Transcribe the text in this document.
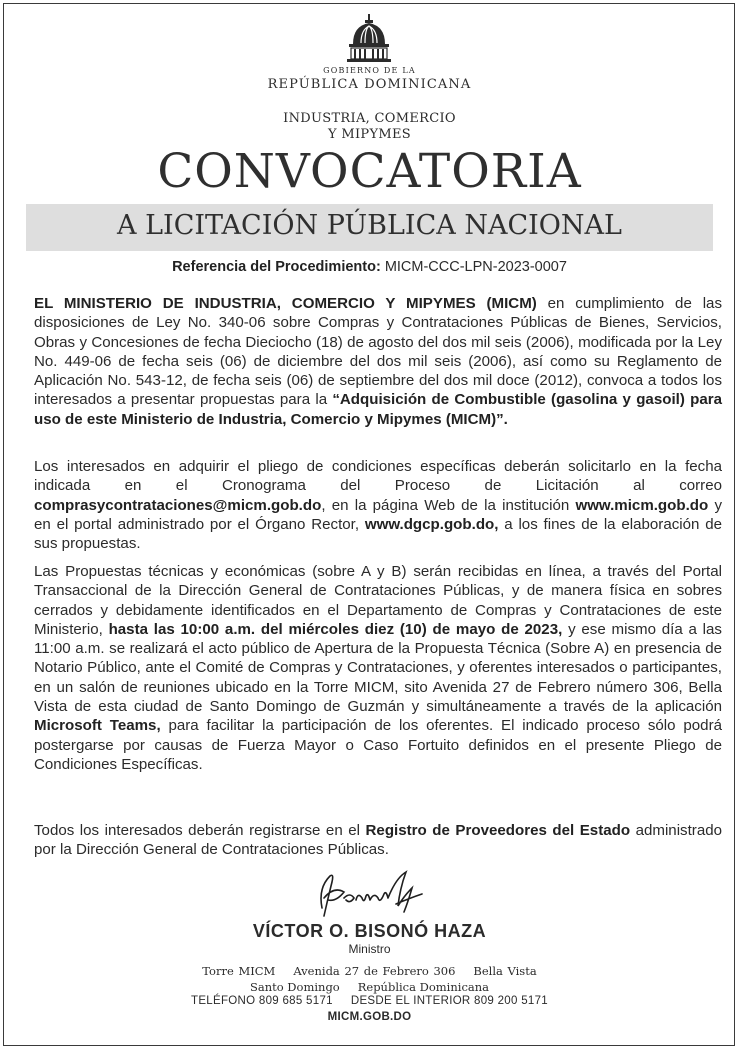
GOBIERNO DE LA
REPÚBLICA DOMINICANA
INDUSTRIA, COMERCIO
Y MIPYMES
CONVOCATORIA
A LICITACIÓN PÚBLICA NACIONAL
Referencia del Procedimiento: MICM-CCC-LPN-2023-0007
EL MINISTERIO DE INDUSTRIA, COMERCIO Y MIPYMES (MICM) en cumplimiento de las disposiciones de Ley No. 340-06 sobre Compras y Contrataciones Públicas de Bienes, Servicios, Obras y Concesiones de fecha Dieciocho (18) de agosto del dos mil seis (2006), modificada por la Ley No. 449-06 de fecha seis (06) de diciembre del dos mil seis (2006), así como su Reglamento de Aplicación No. 543-12, de fecha seis (06) de septiembre del dos mil doce (2012), convoca a todos los interesados a presentar propuestas para la “Adquisición de Combustible (gasolina y gasoil) para uso de este Ministerio de Industria, Comercio y Mipymes (MICM)”.
Los interesados en adquirir el pliego de condiciones específicas deberán solicitarlo en la fecha indicada en el Cronograma del Proceso de Licitación al correo comprasycontrataciones@micm.gob.do, en la página Web de la institución www.micm.gob.do y en el portal administrado por el Órgano Rector, www.dgcp.gob.do, a los fines de la elaboración de sus propuestas.
Las Propuestas técnicas y económicas (sobre A y B) serán recibidas en línea, a través del Portal Transaccional de la Dirección General de Contrataciones Públicas, y de manera física en sobres cerrados y debidamente identificados en el Departamento de Compras y Contrataciones de este Ministerio, hasta las 10:00 a.m. del miércoles diez (10) de mayo de 2023, y ese mismo día a las 11:00 a.m. se realizará el acto público de Apertura de la Propuesta Técnica (Sobre A) en presencia de Notario Público, ante el Comité de Compras y Contrataciones, y oferentes interesados o participantes, en un salón de reuniones ubicado en la Torre MICM, sito Avenida 27 de Febrero número 306, Bella Vista de esta ciudad de Santo Domingo de Guzmán y simultáneamente a través de la aplicación Microsoft Teams, para facilitar la participación de los oferentes. El indicado proceso sólo podrá postergarse por causas de Fuerza Mayor o Caso Fortuito definidos en el presente Pliego de Condiciones Específicas.
Todos los interesados deberán registrarse en el Registro de Proveedores del Estado administrado por la Dirección General de Contrataciones Públicas.
VÍCTOR O. BISONÓ HAZA
Ministro
Torre MICM Avenida 27 de Febrero 306 Bella Vista
Santo Domingo República Dominicana
TELÉFONO 809 685 5171 DESDE EL INTERIOR 809 200 5171
MICM.GOB.DO
